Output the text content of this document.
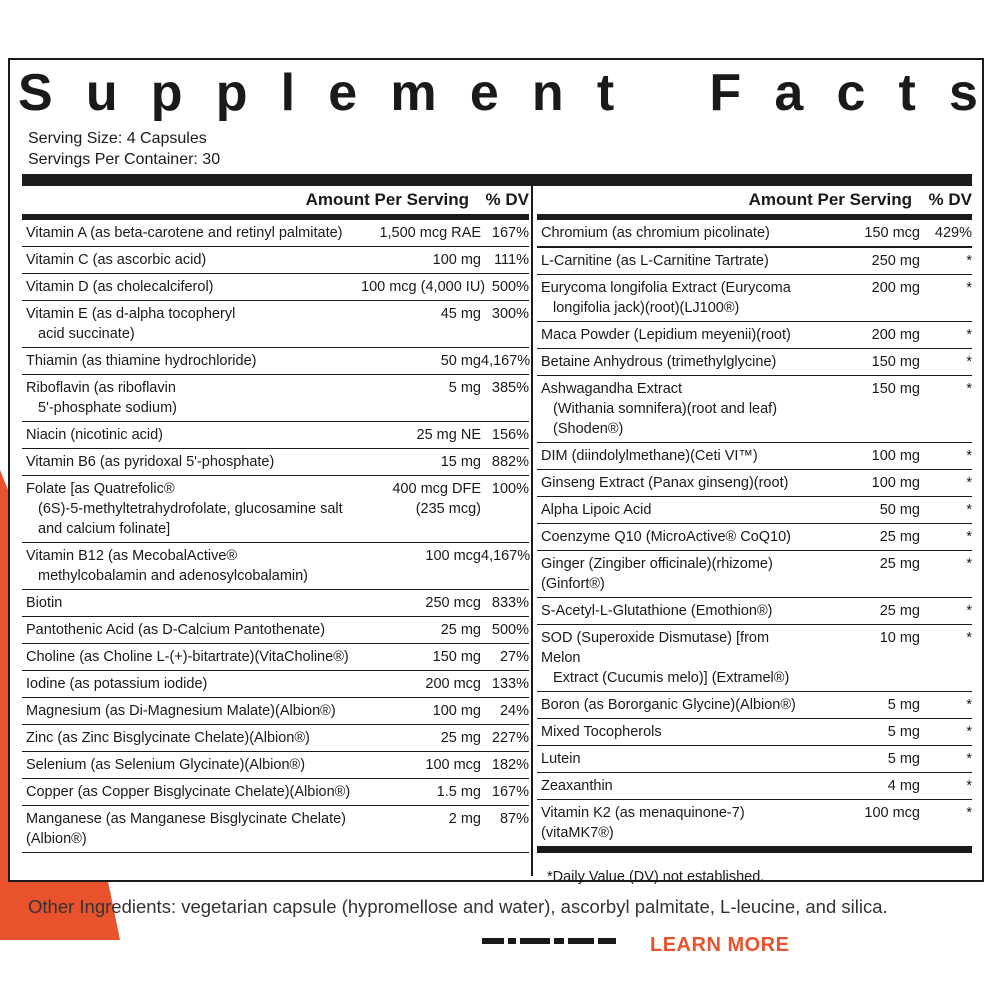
S u p p l e m e n t
F a c t s
Serving Size: 4 Capsules
Servings Per Container: 30
Amount Per Serving % DV
Vitamin A (as beta-carotene and retinyl palmitate)	1,500 mcg RAE 167%
Vitamin C (as ascorbic acid)	100 mg 111%
Vitamin D (as cholecalciferol)	100 mcg (4,000 IU) 500%
Vitamin E (as d-alpha tocopheryl
acid succinate)
45 mg 300%
Thiamin (as thiamine hydrochloride)	50 mg 4,167%
Riboflavin (as riboflavin
5'-phosphate sodium)
5 mg 385%
Niacin (nicotinic acid)	25 mg NE 156%
Vitamin B6 (as pyridoxal 5'-phosphate)	15 mg 882%
Folate [as Quatrefolic®
(6S)-5-methyltetrahydrofolate, glucosamine salt and calcium folinate]
400 mcg DFE
(235 mcg)
100%
Vitamin B12 (as MecobalActive®
methylcobalamin and adenosylcobalamin)
100 mcg 4,167%
Biotin	250 mcg 833%
Pantothenic Acid (as D-Calcium Pantothenate)	25 mg 500%
Choline (as Choline L-(+)-bitartrate)(VitaCholine®)	150 mg	27%
Iodine (as potassium iodide)	200 mcg 133%
Magnesium (as Di-Magnesium Malate)(Albion®)	100 mg	24%
Zinc (as Zinc Bisglycinate Chelate)(Albion®)	25 mg 227%
Selenium (as Selenium Glycinate)(Albion®)	100 mcg 182%
Copper (as Copper Bisglycinate Chelate)(Albion®)	1.5 mg 167%
Manganese (as Manganese Bisglycinate Chelate)(Albion®)
2 mg	87%
Amount Per Serving % DV
Chromium (as chromium picolinate)	150 mcg	429%
L-Carnitine (as L-Carnitine Tartrate)	250 mg	*
Eurycoma longifolia Extract (Eurycoma
longifolia jack)(root)(LJ100®)
200 mg	*
Maca Powder (Lepidium meyenii)(root)	200 mg	*
Betaine Anhydrous (trimethylglycine)	150 mg	*
Ashwagandha Extract
(Withania somnifera)(root and leaf)(Shoden®)
150 mg	*
DIM (diindolylmethane)(Ceti VI™)	100 mg	*
Ginseng Extract (Panax ginseng)(root)	100 mg	*
Alpha Lipoic Acid	50 mg	*
Coenzyme Q10 (MicroActive® CoQ10)	25 mg	*
Ginger (Zingiber officinale)(rhizome)(Ginfort®)
25 mg	*
S-Acetyl-L-Glutathione (Emothion®)	25 mg	*
SOD (Superoxide Dismutase) [from Melon
Extract (Cucumis melo)] (Extramel®)
10 mg	*
Boron (as Bororganic Glycine)(Albion®)	5 mg	*
Mixed Tocopherols	5 mg	*
Lutein	5 mg	*
Zeaxanthin	4 mg	*
Vitamin K2 (as menaquinone-7)(vitaMK7®)
100 mcg	*
*Daily Value (DV) not established.
Other Ingredients: vegetarian capsule (hypromellose and water), ascorbyl palmitate, L-leucine, and silica.
LEARN MORE
